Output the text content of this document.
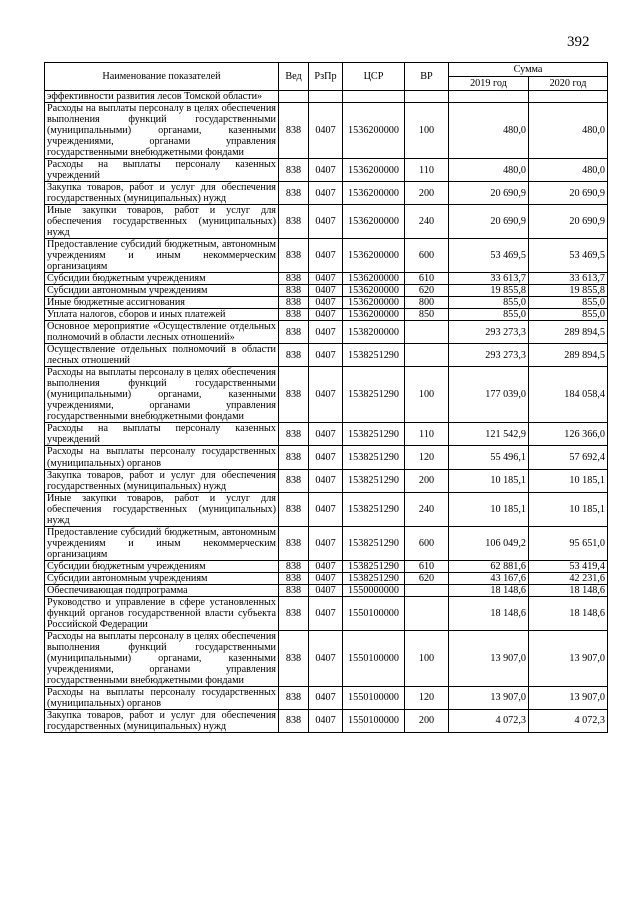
392
Наименование показателей	Вед	РзПр	ЦСР	ВР	Сумма	
					2019 год	2020 год
эффективности развития лесов Томской области»						
Расходы на выплаты персоналу в целях обеспечения выполнения функций государственными (муниципальными) органами, казенными учреждениями, органами управления государственными внебюджетными фондами	838	0407	1536200000	100	480,0	480,0
Расходы на выплаты персоналу казенных учреждений	838	0407	1536200000	110	480,0	480,0
Закупка товаров, работ и услуг для обеспечения государственных (муниципальных) нужд	838	0407	1536200000	200	20 690,9	20 690,9
Иные закупки товаров, работ и услуг для обеспечения государственных (муниципальных) нужд	838	0407	1536200000	240	20 690,9	20 690,9
Предоставление субсидий бюджетным, автономным учреждениям и иным некоммерческим организациям	838	0407	1536200000	600	53 469,5	53 469,5
Субсидии бюджетным учреждениям	838	0407	1536200000	610	33 613,7	33 613,7
Субсидии автономным учреждениям	838	0407	1536200000	620	19 855,8	19 855,8
Иные бюджетные ассигнования	838	0407	1536200000	800	855,0	855,0
Уплата налогов, сборов и иных платежей	838	0407	1536200000	850	855,0	855,0
Основное мероприятие «Осуществление отдельных полномочий в области лесных отношений»	838	0407	1538200000		293 273,3	289 894,5
Осуществление отдельных полномочий в области лесных отношений	838	0407	1538251290		293 273,3	289 894,5
Расходы на выплаты персоналу в целях обеспечения выполнения функций государственными (муниципальными) органами, казенными учреждениями, органами управления государственными внебюджетными фондами	838	0407	1538251290	100	177 039,0	184 058,4
Расходы на выплаты персоналу казенных учреждений	838	0407	1538251290	110	121 542,9	126 366,0
Расходы на выплаты персоналу государственных (муниципальных) органов	838	0407	1538251290	120	55 496,1	57 692,4
Закупка товаров, работ и услуг для обеспечения государственных (муниципальных) нужд	838	0407	1538251290	200	10 185,1	10 185,1
Иные закупки товаров, работ и услуг для обеспечения государственных (муниципальных) нужд	838	0407	1538251290	240	10 185,1	10 185,1
Предоставление субсидий бюджетным, автономным учреждениям и иным некоммерческим организациям	838	0407	1538251290	600	106 049,2	95 651,0
Субсидии бюджетным учреждениям	838	0407	1538251290	610	62 881,6	53 419,4
Субсидии автономным учреждениям	838	0407	1538251290	620	43 167,6	42 231,6
Обеспечивающая подпрограмма	838	0407	1550000000		18 148,6	18 148,6
Руководство и управление в сфере установленных функций органов государственной власти субъекта Российской Федерации	838	0407	1550100000		18 148,6	18 148,6
Расходы на выплаты персоналу в целях обеспечения выполнения функций государственными (муниципальными) органами, казенными учреждениями, органами управления государственными внебюджетными фондами	838	0407	1550100000	100	13 907,0	13 907,0
Расходы на выплаты персоналу государственных (муниципальных) органов	838	0407	1550100000	120	13 907,0	13 907,0
Закупка товаров, работ и услуг для обеспечения государственных (муниципальных) нужд	838	0407	1550100000	200	4 072,3	4 072,3
